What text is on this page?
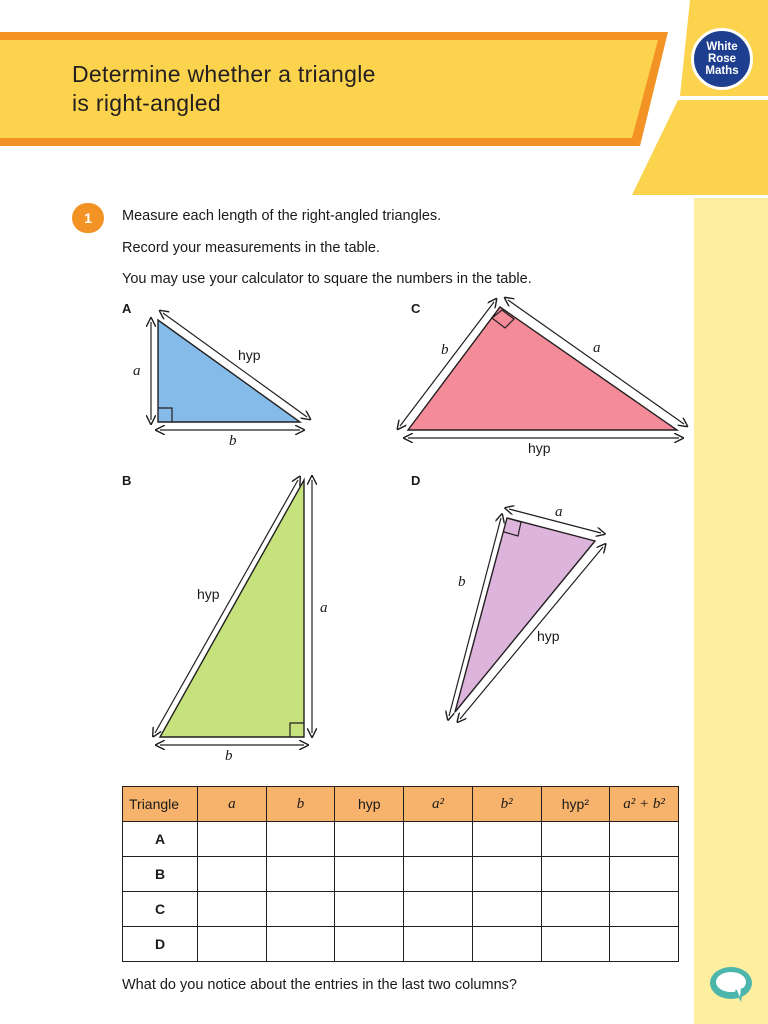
Determine whether a triangle
is right-angled
White
Rose
Maths
1	Measure each length of the right-angled triangles.
Record your measurements in the table.
You may use your calculator to square the numbers in the table.
A	C
B	D
a
b
hyp	b	a
hyp
hyp
a
b
a
b
hyp
Triangle	a	b	hyp	a²	b²	hyp²	a² + b²
A							
B							
C							
D							
What do you notice about the entries in the last two columns?
